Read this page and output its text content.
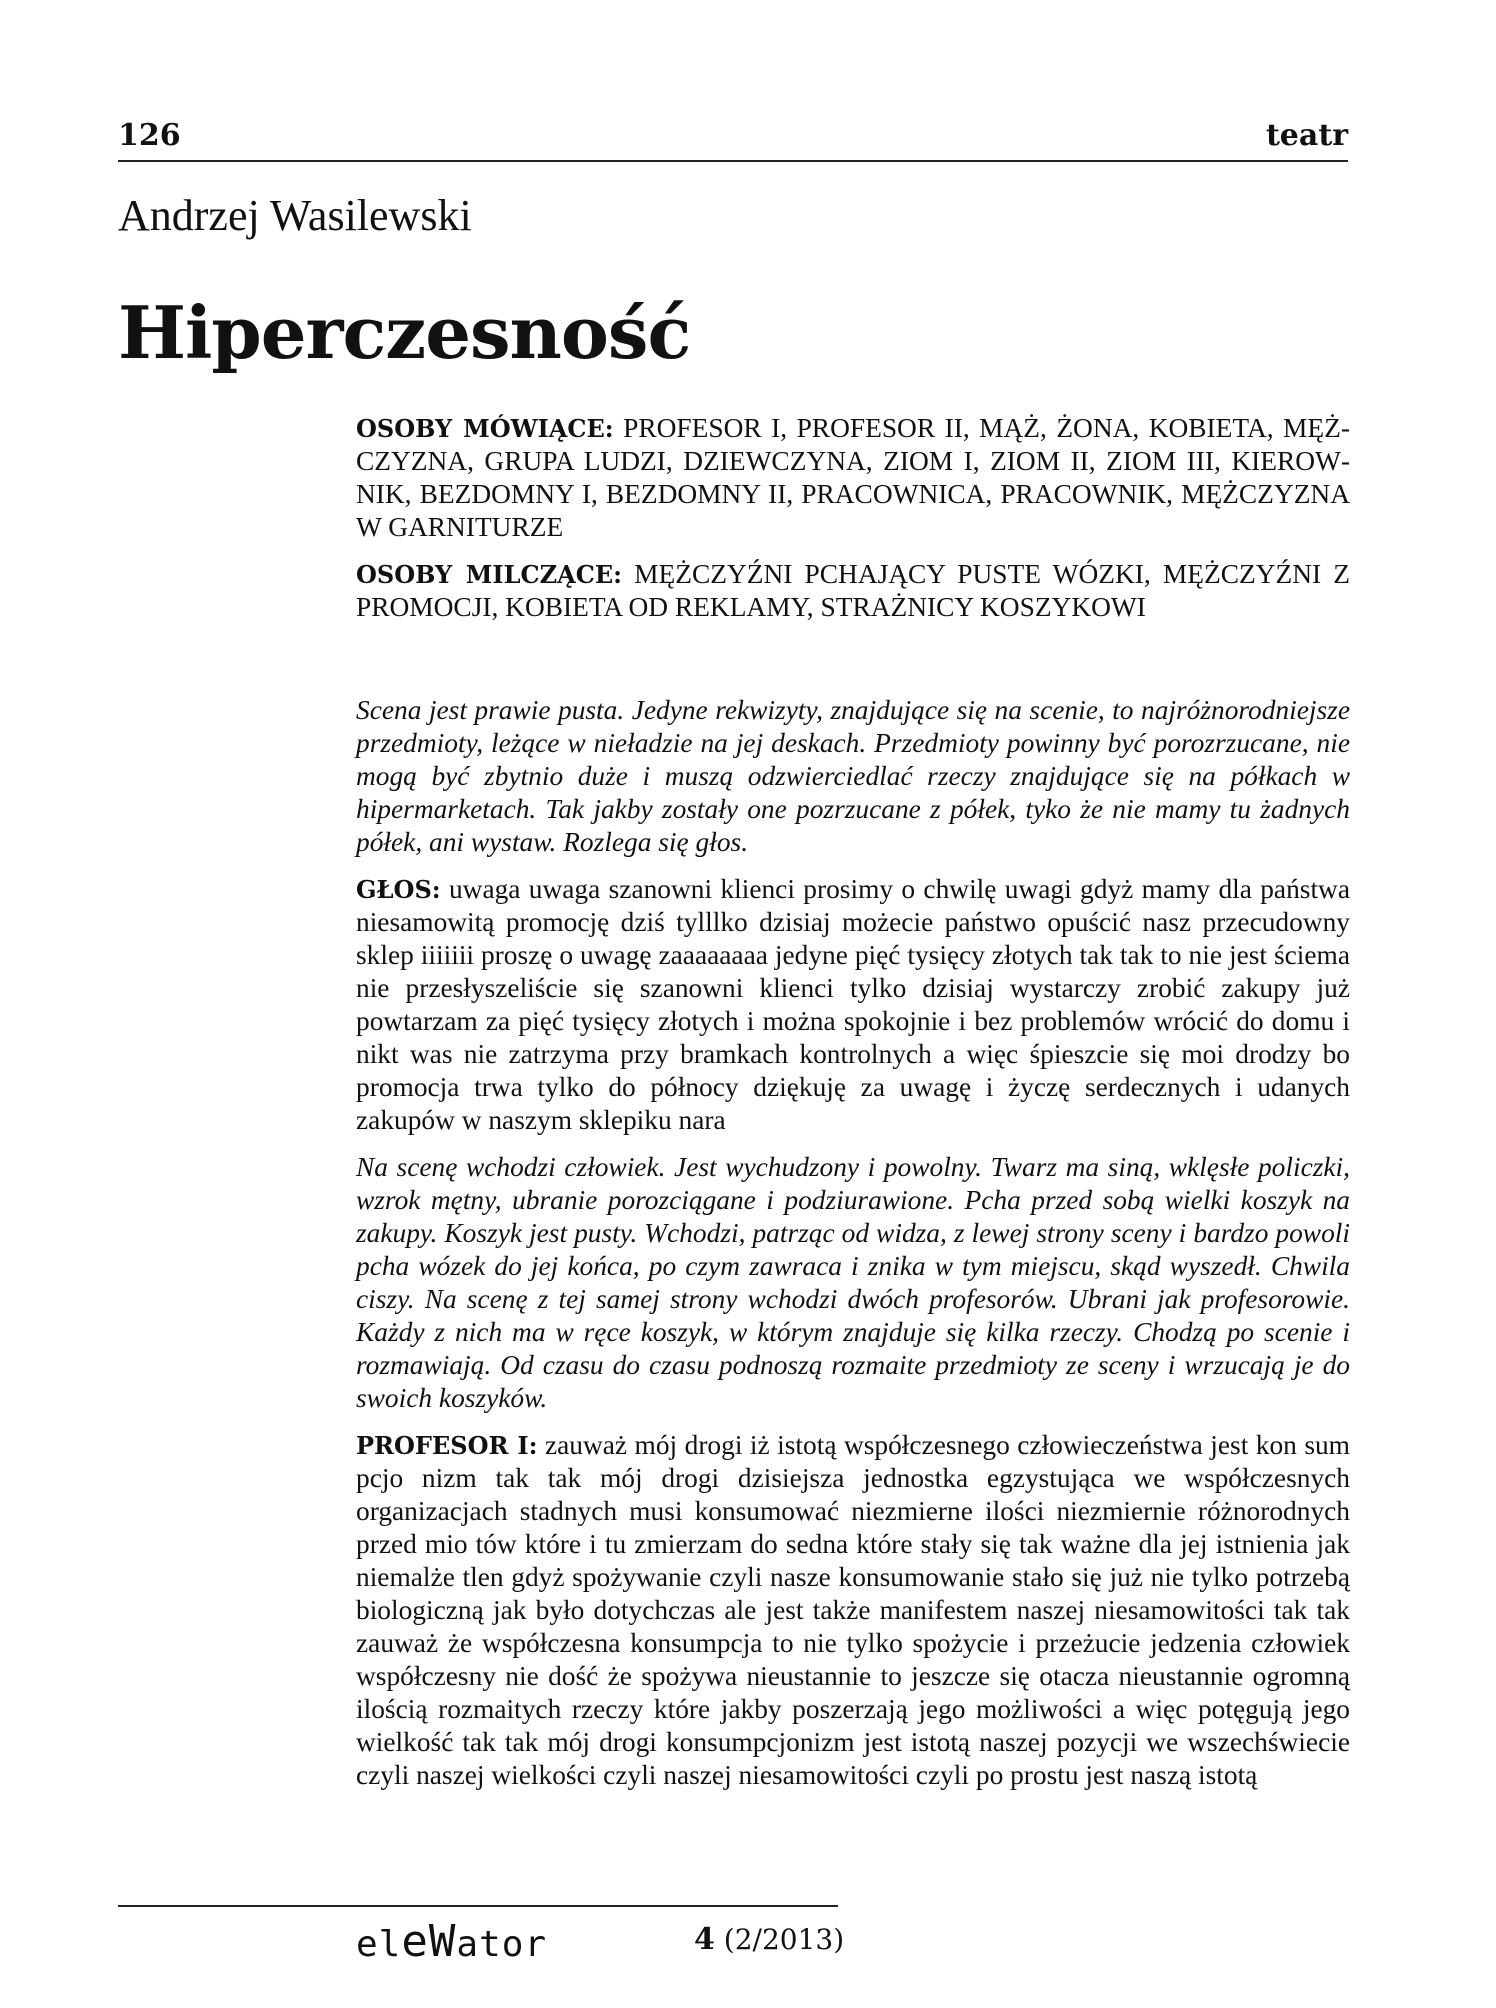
126	teatr
Andrzej Wasilewski
Hiperczesność

OSOBY MÓWIĄCE: PROFESOR I, PROFESOR II, MĄŻ, ŻONA, KOBIETA, MĘŻCZYZNA, GRUPA LUDZI, DZIEWCZYNA, ZIOM I, ZIOM II, ZIOM III, KIEROWNIK, BEZDOMNY I, BEZDOMNY II, PRACOWNICA, PRACOWNIK, MĘŻCZYZNA W GARNITURZE

OSOBY MILCZĄCE: MĘŻCZYŹNI PCHAJĄCY PUSTE WÓZKI, MĘŻCZYŹNI Z PROMOCJI, KOBIETA OD REKLAMY, STRAŻNICY KOSZYKOWI

Scena jest prawie pusta. Jedyne rekwizyty, znajdujące się na scenie, to najróżnorodniejsze przedmioty, leżące w nieładzie na jej deskach. Przedmioty powinny być porozrzucane, nie mogą być zbytnio duże i muszą odzwierciedlać rzeczy znajdujące się na półkach w hipermarketach. Tak jakby zostały one pozrzucane z półek, tyko że nie mamy tu żadnych półek, ani wystaw. Rozlega się głos.

GŁOS: uwaga uwaga szanowni klienci prosimy o chwilę uwagi gdyż mamy dla państwa niesamowitą promocję dziś tylllko dzisiaj możecie państwo opuścić nasz przecudowny sklep iiiiiii proszę o uwagę zaaaaaaaa jedyne pięć tysięcy złotych tak tak to nie jest ściema nie przesłyszeliście się szanowni klienci tylko dzisiaj wystarczy zrobić zakupy już powtarzam za pięć tysięcy złotych i można spokojnie i bez problemów wrócić do domu i nikt was nie zatrzyma przy bramkach kontrolnych a więc śpieszcie się moi drodzy bo promocja trwa tylko do północy dziękuję za uwagę i życzę serdecznych i udanych zakupów w naszym sklepiku nara

Na scenę wchodzi człowiek. Jest wychudzony i powolny. Twarz ma siną, wklęsłe policzki, wzrok mętny, ubranie porozciągane i podziurawione. Pcha przed sobą wielki koszyk na zakupy. Koszyk jest pusty. Wchodzi, patrząc od widza, z lewej strony sceny i bardzo powoli pcha wózek do jej końca, po czym zawraca i znika w tym miejscu, skąd wyszedł. Chwila ciszy. Na scenę z tej samej strony wchodzi dwóch profesorów. Ubrani jak profesorowie. Każdy z nich ma w ręce koszyk, w którym znajduje się kilka rzeczy. Chodzą po scenie i rozmawiają. Od czasu do czasu podnoszą rozmaite przedmioty ze sceny i wrzucają je do swoich koszyków.

PROFESOR I: zauważ mój drogi iż istotą współczesnego człowieczeństwa jest kon sum pcjo nizm tak tak mój drogi dzisiejsza jednostka egzystująca we współczesnych organizacjach stadnych musi konsumować niezmierne ilości niezmiernie różnorodnych przed mio tów które i tu zmierzam do sedna które stały się tak ważne dla jej istnienia jak niemalże tlen gdyż spożywanie czyli nasze konsumowanie stało się już nie tylko potrzebą biologiczną jak było dotychczas ale jest także manifestem naszej niesamowitości tak tak zauważ że współczesna konsumpcja to nie tylko spożycie i przeżucie jedzenia człowiek współczesny nie dość że spożywa nieustannie to jeszcze się otacza nieustannie ogromną ilością rozmaitych rzeczy które jakby poszerzają jego możliwości a więc potęgują jego wielkość tak tak mój drogi konsumpcjonizm jest istotą naszej pozycji we wszechświecie czyli naszej wielkości czyli naszej niesamowitości czyli po prostu jest naszą istotą

eleWator	4 (2/2013)
